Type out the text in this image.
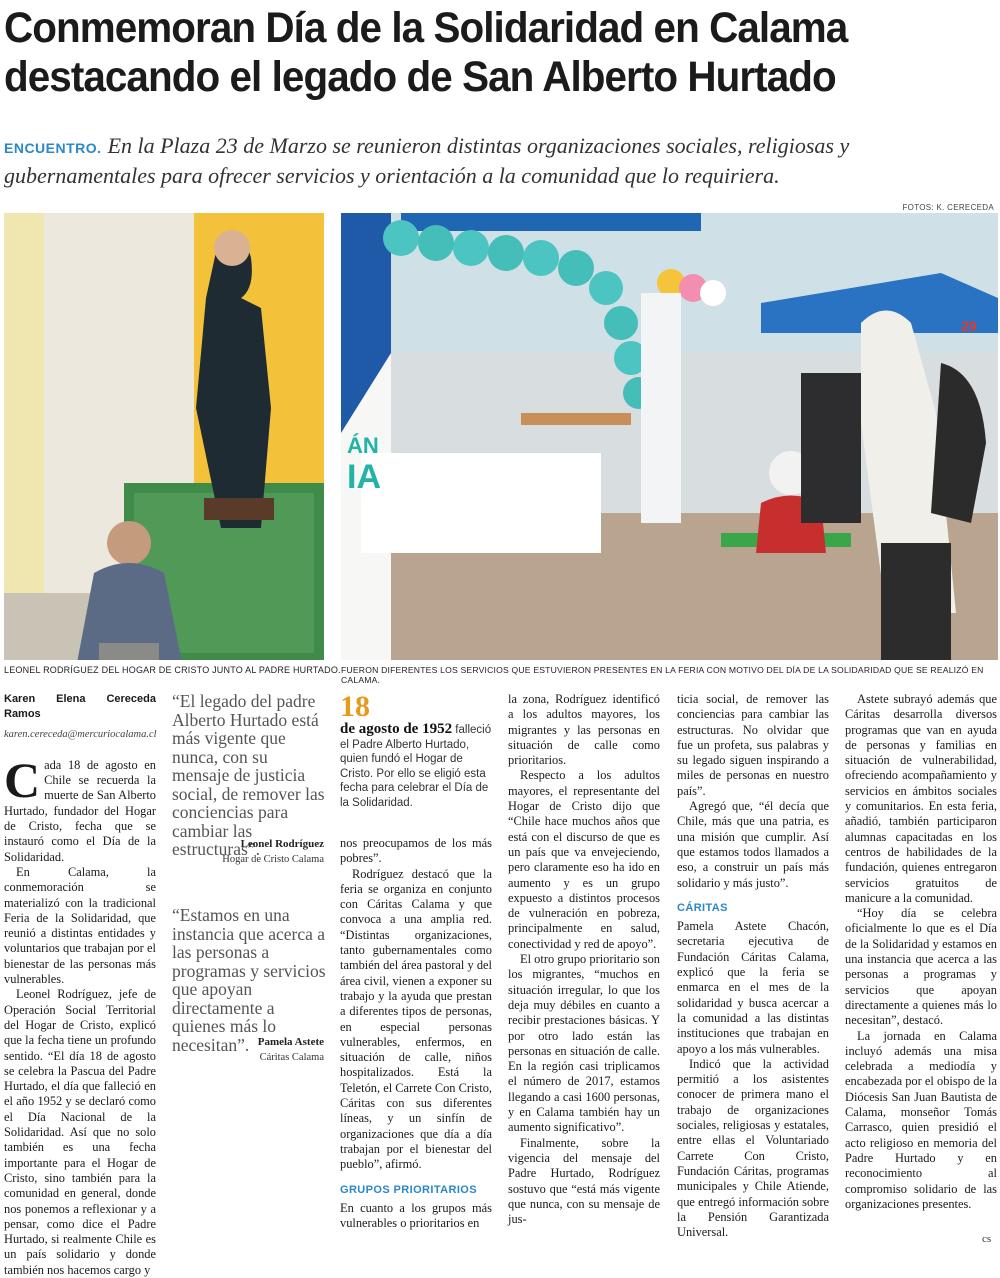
Conmemoran Día de la Solidaridad en Calama
destacando el legado de San Alberto Hurtado
ENCUENTRO. En la Plaza 23 de Marzo se reunieron distintas organizaciones sociales, religiosas y
gubernamentales para ofrecer servicios y orientación a la comunidad que lo requiriera.
FOTOS: K. CERECEDA
LEONEL RODRÍGUEZ DEL HOGAR DE CRISTO JUNTO AL PADRE HURTADO.
ÁN
IA
29
FUERON DIFERENTES LOS SERVICIOS QUE ESTUVIERON PRESENTES EN LA FERIA CON MOTIVO DEL DÍA DE LA SOLIDARIDAD QUE SE REALIZÓ EN CALAMA.
Karen Elena Cereceda Ramos
karen.cereceda@mercuriocalama.cl

Cada 18 de agosto en Chile se recuerda la muerte de San Alberto Hurtado, fundador del Hogar de Cristo, fecha que se instauró como el Día de la Solidaridad.

En Calama, la conmemoración se materializó con la tradicional Feria de la Solidaridad, que reunió a distintas entidades y voluntarios que trabajan por el bienestar de las personas más vulnerables.

Leonel Rodríguez, jefe de Operación Social Territorial del Hogar de Cristo, explicó que la fecha tiene un profundo sentido. “El día 18 de agosto se celebra la Pascua del Padre Hurtado, el día que falleció en el año 1952 y se declaró como el Día Nacional de la Solidaridad. Así que no solo también es una fecha importante para el Hogar de Cristo, sino también para la comunidad en general, donde nos ponemos a reflexionar y a pensar, como dice el Padre Hurtado, si realmente Chile es un país solidario y donde también nos hacemos cargo y

“El legado del padre Alberto Hurtado está más vigente que nunca, con su mensaje de justicia social, de remover las conciencias para cambiar las estructuras”.
Leonel Rodríguez
Hogar de Cristo Calama
“Estamos en una instancia que acerca a las personas a programas y servicios que apoyan directamente a quienes más lo necesitan”. Pamela Astete
Cáritas Calama
18
de agosto de 1952 falleció el Padre Alberto Hurtado, quien fundó el Hogar de Cristo. Por ello se eligió esta fecha para celebrar el Día de la Solidaridad.

nos preocupamos de los más pobres”.

Rodríguez destacó que la feria se organiza en conjunto con Cáritas Calama y que convoca a una amplia red. “Distintas organizaciones, tanto gubernamentales como también del área pastoral y del área civil, vienen a exponer su trabajo y la ayuda que prestan a diferentes tipos de personas, en especial personas vulnerables, enfermos, en situación de calle, niños hospitalizados. Está la Teletón, el Carrete Con Cristo, Cáritas con sus diferentes líneas, y un sinfín de organizaciones que día a día trabajan por el bienestar del pueblo”, afirmó.

GRUPOS PRIORITARIOS

En cuanto a los grupos más vulnerables o prioritarios en

la zona, Rodríguez identificó a los adultos mayores, los migrantes y las personas en situación de calle como prioritarios.

Respecto a los adultos mayores, el representante del Hogar de Cristo dijo que “Chile hace muchos años que está con el discurso de que es un país que va envejeciendo, pero claramente eso ha ido en aumento y es un grupo expuesto a distintos procesos de vulneración en pobreza, principalmente en salud, conectividad y red de apoyo”.

El otro grupo prioritario son los migrantes, “muchos en situación irregular, lo que los deja muy débiles en cuanto a recibir prestaciones básicas. Y por otro lado están las personas en situación de calle. En la región casi triplicamos el número de 2017, estamos llegando a casi 1600 personas, y en Calama también hay un aumento significativo”.

Finalmente, sobre la vigencia del mensaje del Padre Hurtado, Rodríguez sostuvo que “está más vigente que nunca, con su mensaje de jus-

ticia social, de remover las conciencias para cambiar las estructuras. No olvidar que fue un profeta, sus palabras y su legado siguen inspirando a miles de personas en nuestro país”.

Agregó que, “él decía que Chile, más que una patria, es una misión que cumplir. Así que estamos todos llamados a eso, a construir un país más solidario y más justo”.

CÁRITAS

Pamela Astete Chacón, secretaria ejecutiva de Fundación Cáritas Calama, explicó que la feria se enmarca en el mes de la solidaridad y busca acercar a la comunidad a las distintas instituciones que trabajan en apoyo a los más vulnerables.

Indicó que la actividad permitió a los asistentes conocer de primera mano el trabajo de organizaciones sociales, religiosas y estatales, entre ellas el Voluntariado Carrete Con Cristo, Fundación Cáritas, programas municipales y Chile Atiende, que entregó información sobre la Pensión Garantizada Universal.

Astete subrayó además que Cáritas desarrolla diversos programas que van en ayuda de personas y familias en situación de vulnerabilidad, ofreciendo acompañamiento y servicios en ámbitos sociales y comunitarios. En esta feria, añadió, también participaron alumnas capacitadas en los centros de habilidades de la fundación, quienes entregaron servicios gratuitos de manicure a la comunidad.

“Hoy día se celebra oficialmente lo que es el Día de la Solidaridad y estamos en una instancia que acerca a las personas a programas y servicios que apoyan directamente a quienes más lo necesitan”, destacó.

La jornada en Calama incluyó además una misa celebrada a mediodía y encabezada por el obispo de la Diócesis San Juan Bautista de Calama, monseñor Tomás Carrasco, quien presidió el acto religioso en memoria del Padre Hurtado y en reconocimiento al compromiso solidario de las organizaciones presentes.

cs
